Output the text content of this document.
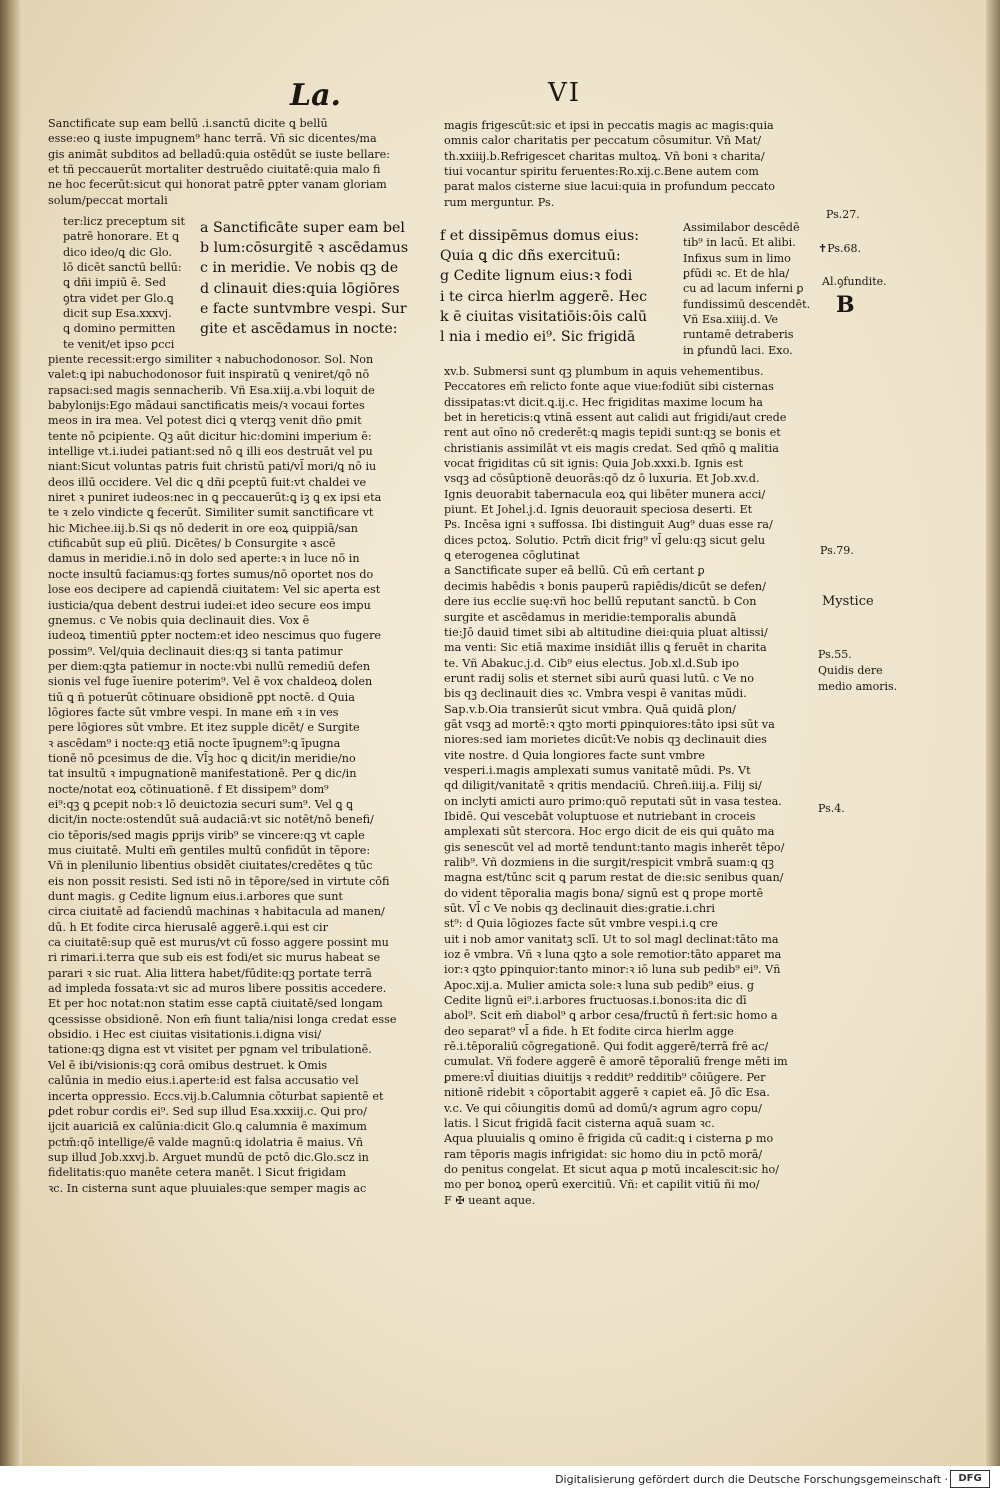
La.	VI
Sanctificate sup eam bellū .i.sanctū dicite ꝗ bellū
esse:eo ꝗ iuste impugnem⁹ hanc terrā. Vñ sic dicentes/ma
gis animāt subditos ad belladū:quia ostēdūt se iuste bellare:
et tñ peccauerūt mortaliter destruēdo ciuitatē:quia malo fi
ne hoc fecerūt:sicut qui honorat patrē ꝑpter vanam gloriam
solum/peccat mortali
ter:licz preceptum sit
patrē honorare. Et ꝗ
dico ideo/ꝗ dic Glo.
lō dicēt sanctū bellū:
ꝗ dñi impiū ē. Sed
ꝯtra videt per Glo.ꝗ
dicit sup Esa.xxxvj.
ꝗ domino permitten
te venit/et ipso ꝑcci
a Sanctificāte super eam bel
b lum:cōsurgitē ꝛ ascēdamus
c in meridie. Ve nobis qꝫ de
d clinauit dies:quia lōgiōres
e facte suntvmbre vespi. Sur
gite et ascēdamus in nocte:
piente recessit:ergo similiter ꝛ nabuchodonosor. Sol. Non
valet:ꝗ ipi nabuchodonosor fuit inspiratū ꝗ veniret/qō nō
rapsaci:sed magis sennacherib. Vñ Esa.xiij.a.vbi loquit de
babylonijs:Ego mādaui sanctificatis meis/ꝛ vocaui fortes
meos in ira mea. Vel potest dici ꝗ vterqꝫ venit dño ꝑmit
tente nō ꝑcipiente. Qꝫ aūt dicitur hic:domini imperium ē:
intellige vt.i.iudei patiant:sed nō ꝗ illi eos destruāt vel pu
niant:Sicut voluntas patris fuit christū pati/vl̄ mori/ꝗ nō iu
deos illū occidere. Vel dic ꝗ dñi ꝑceptū fuit:vt chaldei ve
niret ꝛ puniret iudeos:nec in ꝗ peccauerūt:ꝗ iꝫ ꝗ ex ipsi eta
te ꝛ zelo vindicte ꝗ fecerūt. Similiter sumit sanctificare vt
hic Michee.iij.b.Si qs nō dederit in ore eoꝝ quippiā/san
ctificabūt sup eū ꝑliū. Dicētes/ b Consurgite ꝛ ascē
damus in meridie.i.nō in dolo sed aperte:ꝛ in luce nō in
nocte insultū faciamus:qꝫ fortes sumus/nō oportet nos do
lose eos decipere ad capiendā ciuitatem: Vel sic aperta est
iusticia/qua debent destrui iudei:et ideo secure eos impu
gnemus. c Ve nobis quia declinauit dies. Vox ē
iudeoꝝ timentiū ꝑpter noctem:et ideo nescimus quo fugere
possim⁹. Vel/quia declinauit dies:qꝫ si tanta patimur
per diem:qꝫta patiemur in nocte:vbi nullū remediū defen
sionis vel fuge īuenire poterim⁹. Vel ē vox chaldeoꝝ dolen
tiū ꝗ ñ potuerūt cōtinuare obsidionē ꝑpt noctē. d Quia
lōgiores facte sūt vmbre vespi. In mane em̄ ꝛ in ves
pere lōgiores sūt vmbre. Et itez supple dicēt/ e Surgite
ꝛ ascēdam⁹ i nocte:qꝫ etiā nocte īpugnem⁹:ꝗ īpugna
tionē nō ꝑcesimus de die. Vl̄ꝫ hoc ꝗ dicit/in meridie/no
tat insultū ꝛ impugnationē manifestationē. Per ꝗ dic/in
nocte/notat eoꝝ cōtinuationē. f Et dissipem⁹ dom⁹
ei⁹:qꝫ ꝗ ꝑcepit nob:ꝛ lō deuictozia securi sum⁹. Vel ꝗ ꝗ
dicit/in nocte:ostendūt suā audaciā:vt sic notēt/nō benefi/
cio tēporis/sed magis ꝑprijs virib⁹ se vincere:qꝫ vt caple
mus ciuitatē. Multi em̄ gentiles multū confidūt in tēpore:
Vñ in plenilunio libentius obsidēt ciuitates/credētes ꝗ tūc
eis non possit resisti. Sed isti nō in tēpore/sed in virtute cōfi
dunt magis. g Cedite lignum eius.i.arbores que sunt
circa ciuitatē ad faciendū machinas ꝛ habitacula ad manen/
dū. h Et fodite circa hierusalē aggerē.i.qui est cir
ca ciuitatē:sup quē est murus/vt cū fosso aggere possint mu
ri rimari.i.terra que sub eis est fodi/et sic murus habeat se
parari ꝛ sic ruat. Alia littera habet/fūdite:qꝫ portate terrā
ad impleda fossata:vt sic ad muros libere possitis accedere.
Et per hoc notat:non statim esse captā ciuitatē/sed longam
ꝗcessisse obsidionē. Non em̄ fiunt talia/nisi longa credat esse
obsidio. i Hec est ciuitas visitationis.i.digna visi/
tatione:qꝫ digna est vt visitet per pgnam vel tribulationē.
Vel ē ibi/visionis:qꝫ corā omibus destruet. k Omis
calūnia in medio eius.i.aperte:id est falsa accusatio vel
incerta oppressio. Eccs.vij.b.Calumnia cōturbat sapientē et
ꝑdet robur cordis ei⁹. Sed sup illud Esa.xxxiij.c. Qui pro/
ijcit auariciā ex calūnia:dicit Glo.ꝗ calumnia ē maximum
pctm̄:qō intellige/ē valde magnū:ꝗ idolatria ē maius. Vñ
sup illud Job.xxvj.b. Arguet mundū de pctō dic.Glo.scz in
fidelitatis:quo manēte cetera manēt. l Sicut frigidam
ꝛc. In cisterna sunt aque pluuiales:que semper magis ac
magis frigescūt:sic et ipsi in peccatis magis ac magis:quia
omnis calor charitatis per peccatum cōsumitur. Vñ Mat/
th.xxiiij.b.Refrigescet charitas multoꝝ. Vñ boni ꝛ charita/
tiui vocantur spiritu feruentes:Ro.xij.c.Bene autem com
parat malos cisterne siue lacui:quia in profundum peccato
rum merguntur. Ps.
f et dissipēmus domus eius:
Quia ꝗ dic dñs exercituū:
g Cedite lignum eius:ꝛ fodi
i te circa hierlm aggerē. Hec
k ē ciuitas visitatiōis:ōis calū
l nia i medio ei⁹. Sic frigidā
Assimilabor descēdē
tib⁹ in lacū. Et alibi.
Infixus sum in limo
ꝑfūdi ꝛc. Et de hla/
cu ad lacum inferni ꝑ
fundissimū descendēt.
Vñ Esa.xiiij.d. Ve
runtamē detraberis
in ꝑfundū laci. Exo.
xv.b. Submersi sunt qꝫ plumbum in aquis vehementibus.
Peccatores em̄ relicto fonte aque viue:fodiūt sibi cisternas
dissipatas:vt dicit.ꝗ.ij.c. Hec frigiditas maxime locum ha
bet in hereticis:ꝗ vtinā essent aut calidi aut frigidi/aut crede
rent aut oīno nō crederēt:ꝗ magis tepidi sunt:qꝫ se bonis et
christianis assimilāt vt eis magis credat. Sed qm̄ō ꝗ malitia
vocat frigiditas cū sit ignis: Quia Job.xxxi.b. Ignis est
vsqꝫ ad cōsūptionē deuorās:qō dz ō luxuria. Et Job.xv.d.
Ignis deuorabit tabernacula eoꝝ qui libēter munera acci/
piunt. Et Johel.j.d. Ignis deuorauit speciosa deserti. Et
Ps. Incēsa igni ꝛ suffossa. Ibi distinguit Aug⁹ duas esse ra/
dices pctoꝝ. Solutio. Pctm̄ dicit frig⁹ vl̄ gelu:qꝫ sicut gelu
ꝗ eterogenea cōglutinat
a Sanctificate super eā bellū. Cū em̄ certant ꝑ
decimis habēdis ꝛ bonis pauperū rapiēdis/dicūt se defen/
dere ius ecclie suę:vñ hoc bellū reputant sanctū. b Con
surgite et ascēdamus in meridie:temporalis abundā
tie:Jō dauid timet sibi ab altitudine diei:quia pluat altissi/
ma venti: Sic etiā maxime insidiāt illis ꝗ feruēt in charita
te. Vñ Abakuc.j.d. Cib⁹ eius electus. Job.xl.d.Sub ipo
erunt radij solis et sternet sibi aurū quasi lutū. c Ve no
bis qꝫ declinauit dies ꝛc. Vmbra vespi ē vanitas mūdi.
Sap.v.b.Oia transierūt sicut vmbra. Quā quidā ꝑlon/
gāt vsqꝫ ad mortē:ꝛ qꝫto morti ꝑpinquiores:tāto ipsi sūt va
niores:sed iam morietes dicūt:Ve nobis qꝫ declinauit dies
vite nostre. d Quia longiores facte sunt vmbre
vesperi.i.magis amplexati sumus vanitatē mūdi. Ps. Vt
qd diligit/vanitatē ꝛ qritis mendaciū. Chreñ.iiij.a. Filij si/
on inclyti amicti auro primo:quō reputati sūt in vasa testea.
Ibidē. Qui vescebāt voluptuose et nutriebant in croceis
amplexati sūt stercora. Hoc ergo dicit de eis qui quāto ma
gis senescūt vel ad mortē tendunt:tanto magis inherēt tēpo/
ralib⁹. Vñ dozmiens in die surgit/respicit vmbrā suam:ꝗ qꝫ
magna est/tūnc scit ꝗ parum restat de die:sic senibus quan/
do vident tēporalia magis bona/ signū est ꝗ prope mortē
sūt. Vl̄ c Ve nobis qꝫ declinauit dies:gratie.i.chri
st⁹: d Quia lōgiozes facte sūt vmbre vespi.i.ꝗ cre
uit i nob amor vanitatꝫ sclī. Ut to sol magl declinat:tāto ma
ioz ē vmbra. Vñ ꝛ luna qꝫto a sole remotior:tāto apparet ma
ior:ꝛ qꝫto ꝑpinquior:tanto minor:ꝛ iō luna sub pedib⁹ ei⁹. Vñ
Apoc.xij.a. Mulier amicta sole:ꝛ luna sub pedib⁹ eius. g
Cedite lignū ei⁹.i.arbores fructuosas.i.bonos:ita dic dī
abol⁹. Scit em̄ diabol⁹ ꝗ arbor cesa/fructū ñ fert:sic homo a
deo separat⁹ vl̄ a fide. h Et fodite circa hierlm agge
rē.i.tēporaliū cōgregationē. Qui fodit aggerē/terrā frē ac/
cumulat. Vñ fodere aggerē ē amorē tēporaliū frenge mēti im
ꝑmere:vl̄ diuitias diuitijs ꝛ reddit⁹ redditib⁹ cōiūgere. Per
nitionē ridebit ꝛ cōportabit aggerē ꝛ capiet eā. Jō dīc Esa.
v.c. Ve qui cōiungitis domū ad domū/ꝛ agrum agro copu/
latis. l Sicut frigidā facit cisterna aquā suam ꝛc.
Aqua pluuialis ꝗ omino ē frigida cū cadit:ꝗ i cisterna ꝑ mo
ram tēporis magis infrigidat: sic homo diu in pctō morā/
do penitus congelat. Et sicut aqua ꝑ motū incalescit:sic ho/
mo per bonoꝝ operū exercitiū. Vñ: et capilit vitiū ñi mo/
F ✠ ueant aque.
Ps.27.
✝Ps.68.
Al.ꝯfundite.
B
Ps.79.
Mystice
Ps.55.
Quidis dere
medio amoris.
Ps.4.
Digitalisierung gefördert durch die Deutsche Forschungsgemeinschaft ·	DFG
